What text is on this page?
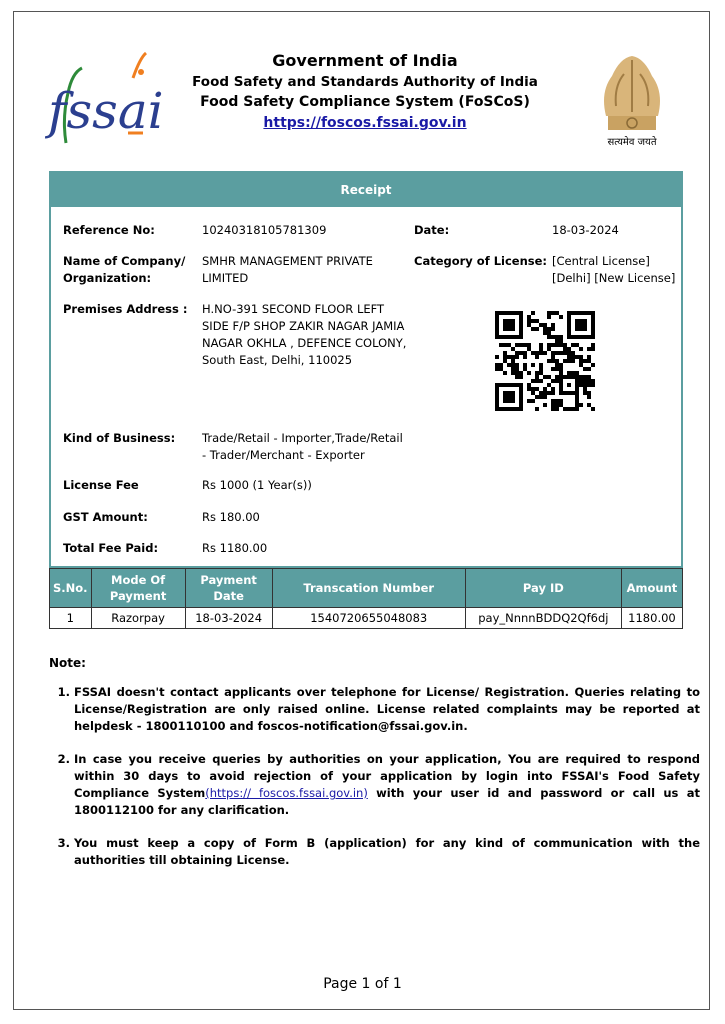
fssai
सत्यमेव जयते
Government of India
Food Safety and Standards Authority of India
Food Safety Compliance System (FoSCoS)
https://foscos.fssai.gov.in
Receipt
Reference No:	10240318105781309	Date:	18-03-2024
Name of Company/
Organization:
SMHR MANAGEMENT PRIVATE
LIMITED
Category of License: [Central License]
[Delhi] [New License]
Premises Address : H.NO-391 SECOND FLOOR LEFT
SIDE F/P SHOP ZAKIR NAGAR JAMIA
NAGAR OKHLA , DEFENCE COLONY,
South East, Delhi, 110025
Kind of Business: Trade/Retail - Importer,Trade/Retail
- Trader/Merchant - Exporter
License Fee	Rs 1000 (1 Year(s))
GST Amount:	Rs 180.00
Total Fee Paid:	Rs 1180.00
S.No.	Mode Of Payment	Payment Date	Transcation Number	Pay ID	Amount
1	Razorpay	18-03-2024	1540720655048083	pay_NnnnBDDQ2Qf6dj	1180.00
Note:
1. FSSAI doesn't contact applicants over telephone for License/ Registration. Queries relating to License/Registration are only raised online. License related complaints may be reported at helpdesk - 1800110100 and foscos-notification@fssai.gov.in.
2. In case you receive queries by authorities on your application, You are required to respond within 30 days to avoid rejection of your application by login into FSSAI's Food Safety Compliance System(https:// foscos.fssai.gov.in) with your user id and password or call us at 1800112100 for any clarification.
3. You must keep a copy of Form B (application) for any kind of communication with the authorities till obtaining License.
Page 1 of 1
